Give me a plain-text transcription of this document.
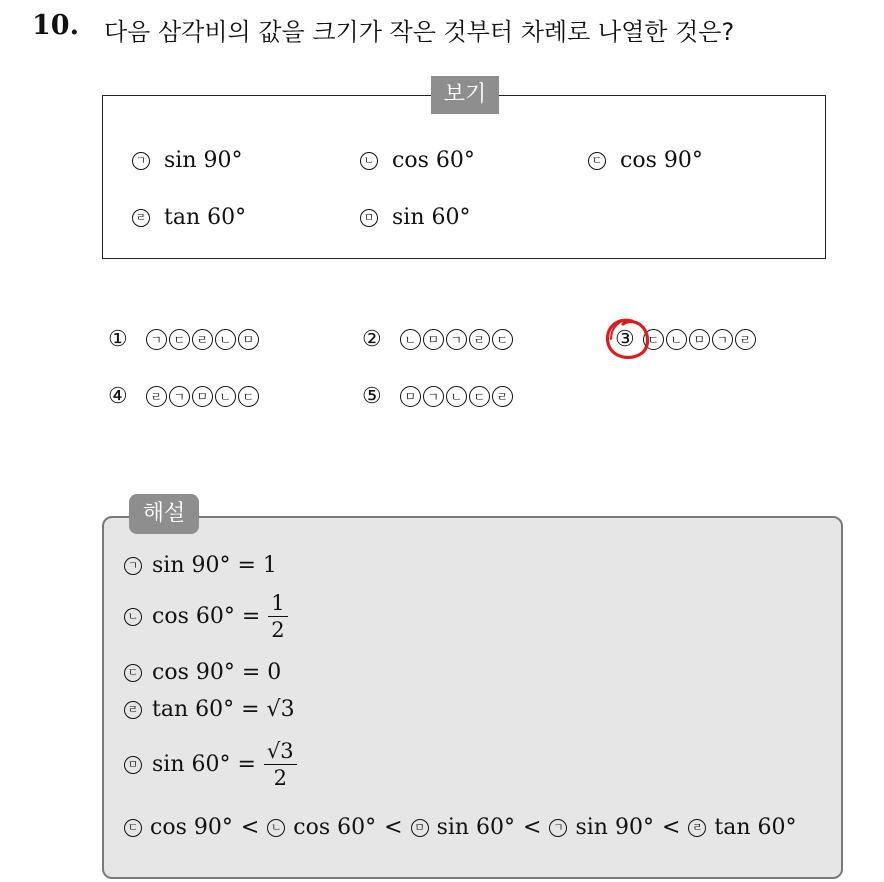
10. 다음 삼각비의 값을 크기가 작은 것부터 차례로 나열한 것은?
보기
ㄱ sin 90°	ㄴ cos 60°	ㄷ cos 90°
ㄹ tan 60°	ㅁ sin 60°
①	ㄱ ㄷ ㄹ ㄴ ㅁ	②	ㄴ ㅁ ㄱ ㄹ ㄷ	③	ㄷ ㄴ ㅁ ㄱ ㄹ
④	ㄹ ㄱ ㅁ ㄴ ㄷ	⑤	ㅁ ㄱ ㄴ ㄷ ㄹ
해설
ㄱ sin 90° = 1
ㄴ $\cos 60^\circ = \frac{1}{2}$
ㄷ cos 90° = 0
ㄹ tan 60° = √3
ㅁ $\sin 60^\circ = \frac{√3}{2}$
ㄷ cos 90° <	ㄴ cos 60° <	ㅁ sin 60° <	ㄱ sin 90° <	ㄹ tan 60°
